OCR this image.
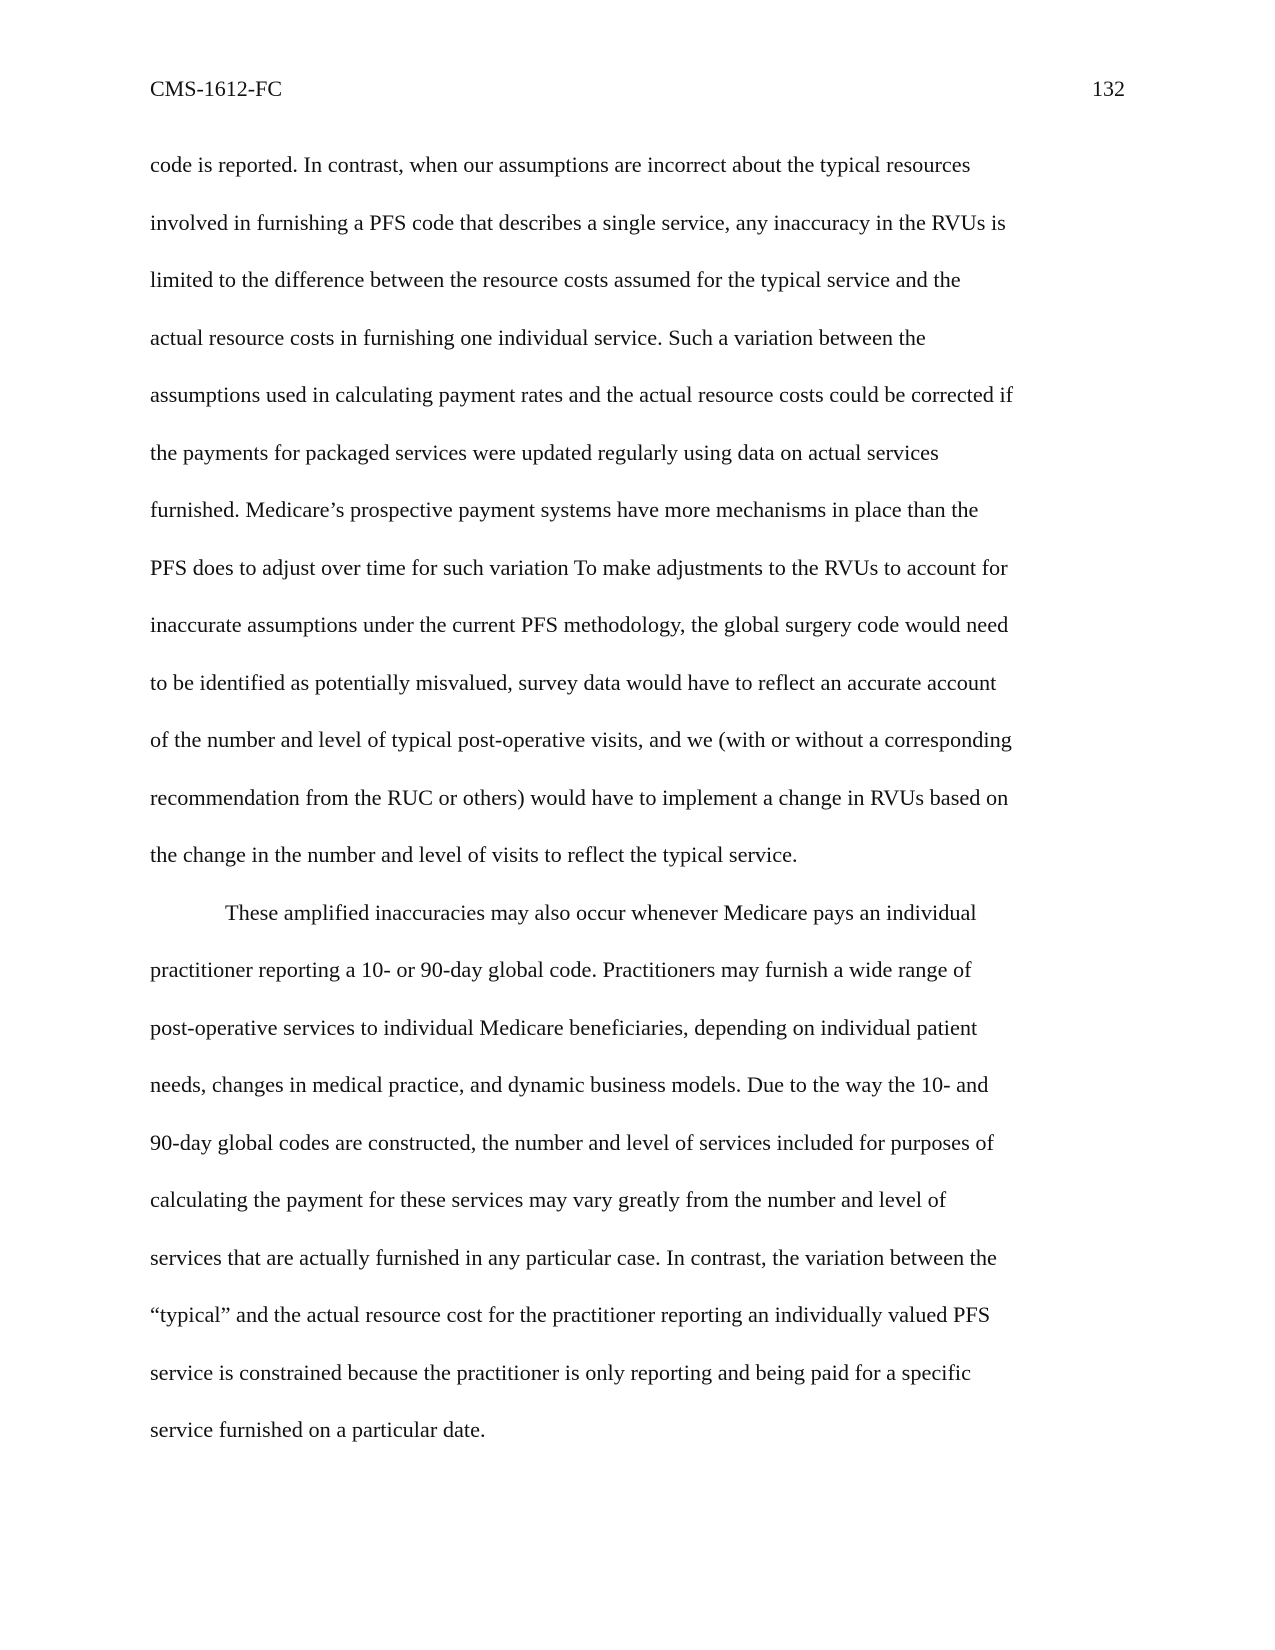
CMS-1612-FC	132
code is reported. In contrast, when our assumptions are incorrect about the typical resources
involved in furnishing a PFS code that describes a single service, any inaccuracy in the RVUs is
limited to the difference between the resource costs assumed for the typical service and the
actual resource costs in furnishing one individual service. Such a variation between the
assumptions used in calculating payment rates and the actual resource costs could be corrected if
the payments for packaged services were updated regularly using data on actual services
furnished. Medicare’s prospective payment systems have more mechanisms in place than the
PFS does to adjust over time for such variation To make adjustments to the RVUs to account for
inaccurate assumptions under the current PFS methodology, the global surgery code would need
to be identified as potentially misvalued, survey data would have to reflect an accurate account
of the number and level of typical post-operative visits, and we (with or without a corresponding
recommendation from the RUC or others) would have to implement a change in RVUs based on
the change in the number and level of visits to reflect the typical service.
These amplified inaccuracies may also occur whenever Medicare pays an individual
practitioner reporting a 10- or 90-day global code. Practitioners may furnish a wide range of
post-operative services to individual Medicare beneficiaries, depending on individual patient
needs, changes in medical practice, and dynamic business models. Due to the way the 10- and
90-day global codes are constructed, the number and level of services included for purposes of
calculating the payment for these services may vary greatly from the number and level of
services that are actually furnished in any particular case. In contrast, the variation between the
“typical” and the actual resource cost for the practitioner reporting an individually valued PFS
service is constrained because the practitioner is only reporting and being paid for a specific
service furnished on a particular date.
